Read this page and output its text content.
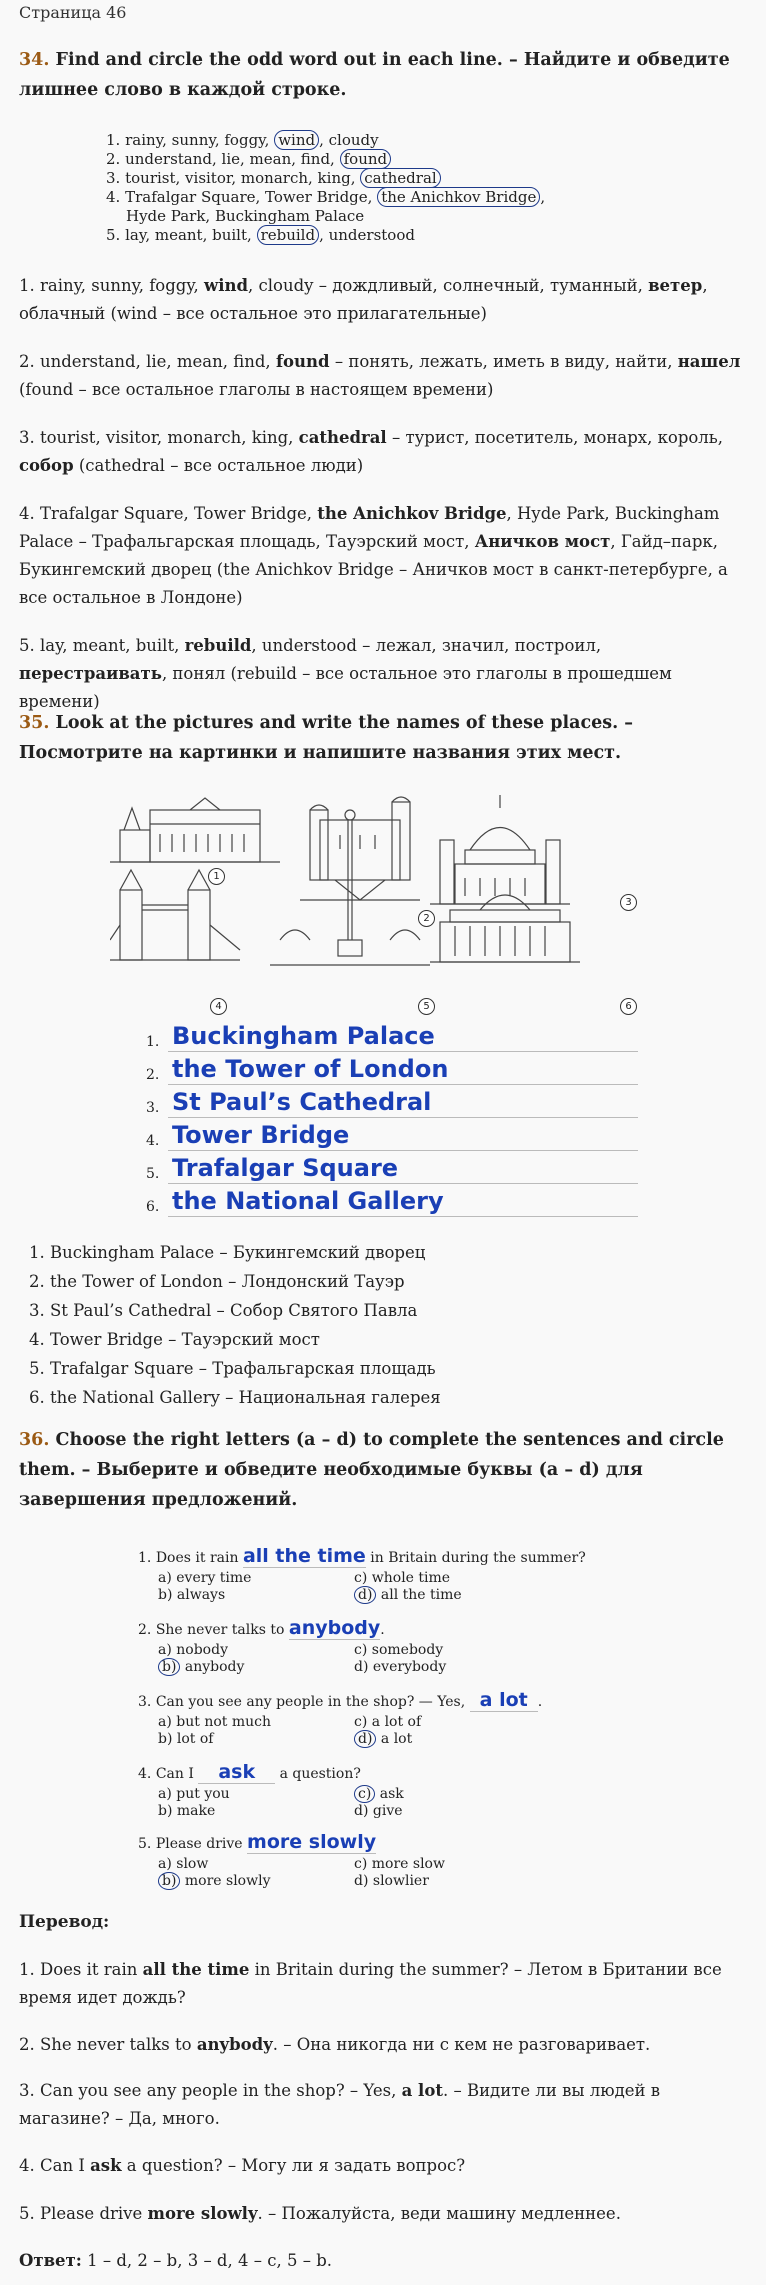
Страница 46
34. Find and circle the odd word out in each line. – Найдите и обведите лишнее слово в каждой строке.
1. rainy, sunny, foggy, wind , cloudy
2. understand, lie, mean, find, found
3. tourist, visitor, monarch, king, cathedral
4. Trafalgar Square, Tower Bridge, the Anichkov Bridge ,
Hyde Park, Buckingham Palace
5. lay, meant, built, rebuild , understood
1. rainy, sunny, foggy, wind, cloudy – дождливый, солнечный, туманный, ветер, облачный (wind – все остальное это прилагательные)
2. understand, lie, mean, find, found – понять, лежать, иметь в виду, найти, нашел (found – все остальное глаголы в настоящем времени)
3. tourist, visitor, monarch, king, cathedral – турист, посетитель, монарх, король, собор (cathedral – все остальное люди)
4. Trafalgar Square, Tower Bridge, the Anichkov Bridge, Hyde Park, Buckingham Palace – Трафальгарская площадь, Тауэрский мост, Аничков мост, Гайд–парк, Букингемский дворец (the Anichkov Bridge – Аничков мост в санкт-петербурге, а все остальное в Лондоне)
5. lay, meant, built, rebuild, understood – лежал, значил, построил, перестраивать, понял (rebuild – все остальное это глаголы в прошедшем времени)
35. Look at the pictures and write the names of these places. – Посмотрите на картинки и напишите названия этих мест.
1
2
3
4	5	6
1. Buckingham Palace
2. the Tower of London
3. St Paul’s Cathedral
4. Tower Bridge
5. Trafalgar Square
6. the National Gallery
1. Buckingham Palace – Букингемский дворец
2. the Tower of London – Лондонский Тауэр
3. St Paul’s Cathedral – Собор Святого Павла
4. Tower Bridge – Тауэрский мост
5. Trafalgar Square – Трафальгарская площадь
6. the National Gallery – Национальная галерея
36. Choose the right letters (a – d) to complete the sentences and circle them. – Выберите и обведите необходимые буквы (a – d) для завершения предложений.
1. Does it rain all the time in Britain during the summer?
a) every time	c) whole time
b) always	d) all the time
2. She never talks to anybody.
a) nobody	c) somebody
b) anybody	d) everybody
3. Can you see any people in the shop? — Yes, a lot .
a) but not much	c) a lot of
b) lot of	d) a lot
4. Can I ask a question?
a) put you	c) ask
b) make	d) give
5. Please drive more slowly
a) slow	c) more slow
b) more slowly	d) slowlier
Перевод:
1. Does it rain all the time in Britain during the summer? – Летом в Британии все время идет дождь?
2. She never talks to anybody. – Она никогда ни с кем не разговаривает.
3. Can you see any people in the shop? – Yes, a lot. – Видите ли вы людей в магазине? – Да, много.
4. Can I ask a question? – Могу ли я задать вопрос?
5. Please drive more slowly. – Пожалуйста, веди машину медленнее.
Ответ: 1 – d, 2 – b, 3 – d, 4 – c, 5 – b.
